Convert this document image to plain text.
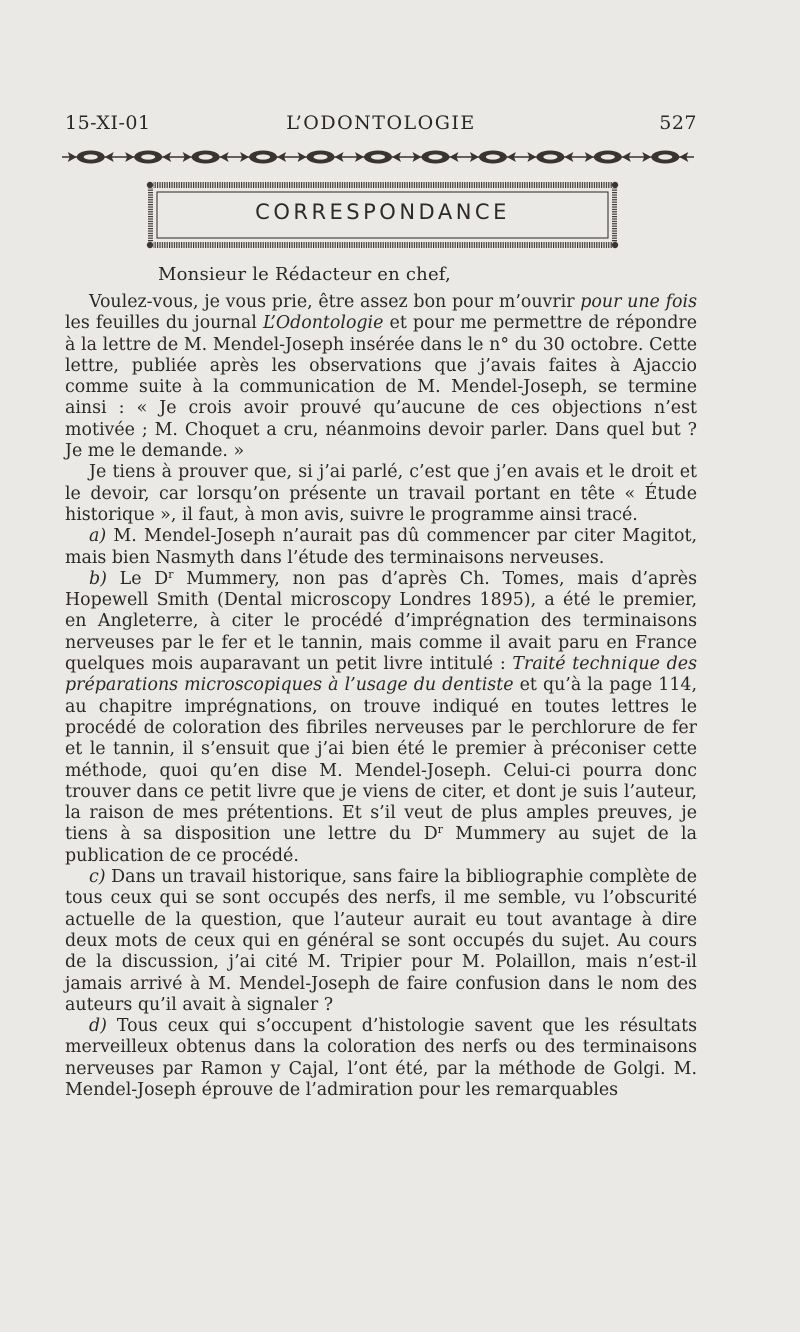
15-XI-01	L’ODONTOLOGIE	527
CORRESPONDANCE
Monsieur le Rédacteur en chef,

Voulez-vous, je vous prie, être assez bon pour m’ouvrir pour une fois les feuilles du journal L’Odontologie et pour me permettre de répondre à la lettre de M. Mendel-Joseph insérée dans le n° du 30 octobre. Cette lettre, publiée après les observations que j’avais faites à Ajaccio comme suite à la communication de M. Mendel-Joseph, se termine ainsi : « Je crois avoir prouvé qu’aucune de ces objections n’est motivée ; M. Choquet a cru, néanmoins devoir parler. Dans quel but ? Je me le demande. »

Je tiens à prouver que, si j’ai parlé, c’est que j’en avais et le droit et le devoir, car lorsqu’on présente un travail portant en tête « Étude historique », il faut, à mon avis, suivre le programme ainsi tracé.

a) M. Mendel-Joseph n’aurait pas dû commencer par citer Magitot, mais bien Nasmyth dans l’étude des terminaisons nerveuses.

b) Le $D^r$ Mummery, non pas d’après Ch. Tomes, mais d’après Hopewell Smith (Dental microscopy Londres 1895), a été le premier, en Angleterre, à citer le procédé d’imprégnation des terminaisons nerveuses par le fer et le tannin, mais comme il avait paru en France quelques mois auparavant un petit livre intitulé : Traité technique des préparations microscopiques à l’usage du dentiste et qu’à la page 114, au chapitre imprégnations, on trouve indiqué en toutes lettres le procédé de coloration des fibriles nerveuses par le perchlorure de fer et le tannin, il s’ensuit que j’ai bien été le premier à préconiser cette méthode, quoi qu’en dise M. Mendel-Joseph. Celui-ci pourra donc trouver dans ce petit livre que je viens de citer, et dont je suis l’auteur, la raison de mes prétentions. Et s’il veut de plus amples preuves, je tiens à sa disposition une lettre du $D^r$ Mummery au sujet de la publication de ce procédé.

c) Dans un travail historique, sans faire la bibliographie complète de tous ceux qui se sont occupés des nerfs, il me semble, vu l’obscurité actuelle de la question, que l’auteur aurait eu tout avantage à dire deux mots de ceux qui en général se sont occupés du sujet. Au cours de la discussion, j’ai cité M. Tripier pour M. Polaillon, mais n’est-il jamais arrivé à M. Mendel-Joseph de faire confusion dans le nom des auteurs qu’il avait à signaler ?

d) Tous ceux qui s’occupent d’histologie savent que les résultats merveilleux obtenus dans la coloration des nerfs ou des terminaisons nerveuses par Ramon y Cajal, l’ont été, par la méthode de Golgi. M. Mendel-Joseph éprouve de l’admiration pour les remarquables
